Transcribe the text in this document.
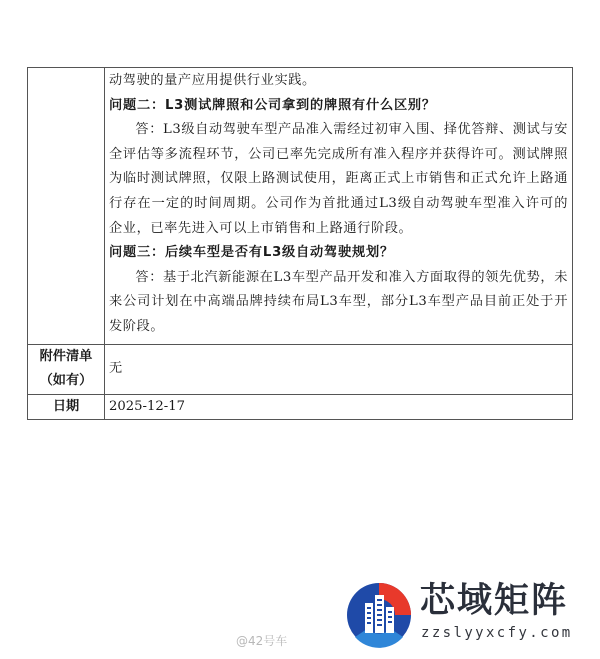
	动驾驶的量产应用提供行业实践。

问题二：L3测试牌照和公司拿到的牌照有什么区别？

答：L3级自动驾驶车型产品准入需经过初审入围、择优答辩、测试与安全评估等多流程环节，公司已率先完成所有准入程序并获得许可。测试牌照为临时测试牌照，仅限上路测试使用，距离正式上市销售和正式允许上路通行存在一定的时间周期。公司作为首批通过L3级自动驾驶车型准入许可的企业，已率先进入可以上市销售和上路通行阶段。

问题三：后续车型是否有L3级自动驾驶规划？

答：基于北汽新能源在L3车型产品开发和准入方面取得的领先优势，未来公司计划在中高端品牌持续布局L3车型，部分L3车型产品目前正处于开发阶段。

附件清单
（如有）	无
日期	2025-12-17
@42号车
芯域矩阵
zzslyyxcfy.com
